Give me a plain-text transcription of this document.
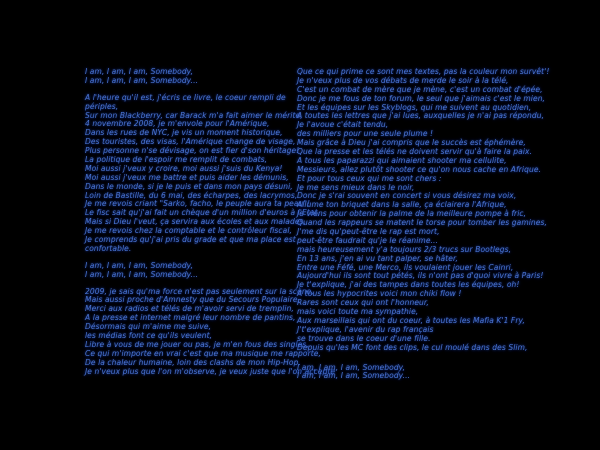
I am, I am, I am, Somebody,
I am, I am, I am, Somebody...
A l'heure qu'il est, j'écris ce livre, le coeur rempli de
périples,
Sur mon Blackberry, car Barack m'a fait aimer le mérite,
4 novembre 2008, je m'envole pour l'Amérique,
Dans les rues de NYC, je vis un moment historique,
Des touristes, des visas, l'Amérique change de visage,
Plus personne n'se dévisage, on est fier d'son héritage!
La politique de l'espoir me remplit de combats,
Moi aussi j'veux y croire, moi aussi j'suis du Kenya!
Moi aussi j'veux me battre et puis aider les démunis,
Dans le monde, si je le puis et dans mon pays désuni,
Loin de Bastille, du 6 mai, des écharpes, des lacrymos,
Je me revois criant "Sarko, facho, le peuple aura ta peau"!
Le fisc sait qu'j'ai fait un chèque d'un million d'euros à l'Etat,
Mais si Dieu l'veut, ça servira aux écoles et aux malades,
Je me revois chez la comptable et le contrôleur fiscal,
Je comprends qu'j'ai pris du grade et que ma place est
confortable.
I am, I am, I am, Somebody,
I am, I am, I am, Somebody...
2009, je sais qu'ma force n'est pas seulement sur la scène,
Mais aussi proche d'Amnesty que du Secours Populaire,
Merci aux radios et télés de m'avoir servi de tremplin,
A la presse et internet malgré leur nombre de pantins,
Désormais qui m'aime me suive,
les médias font ce qu'ils veulent,
Libre à vous de me jouer ou pas, je m'en fous des singles,
Ce qui m'importe en vrai c'est que ma musique me rapporte,
De la chaleur humaine, loin des clashs de mon Hip-Hop.
Je n'veux plus que l'on m'observe, je veux juste que l'on accepte
Que ce qui prime ce sont mes textes, pas la couleur mon survêt'!
Je n'veux plus de vos débats de merde le soir à la télé,
C'est un combat de mère que je mène, c'est un combat d'épée,
Donc je me fous de ton forum, le seul que j'aimais c'est le mien,
Et les équipes sur les Skyblogs, qui me suivent au quotidien,
A toutes les lettres que j'ai lues, auxquelles je n'ai pas répondu,
Je l'avoue c'était tendu,
des milliers pour une seule plume !
Mais grâce à Dieu j'ai compris que le succès est éphémère,
Que la presse et les télés ne doivent servir qu'à faire la paix.
A tous les paparazzi qui aimaient shooter ma cellulite,
Messieurs, allez plutôt shooter ce qu'on nous cache en Afrique.
Et pour tous ceux qui me sont chers :
Je me sens mieux dans le noir,
Donc je s'rai souvent en concert si vous désirez ma voix,
Allume ton briquet dans la salle, ça éclairera l'Afrique,
Je viens pour obtenir la palme de la meilleure pompe à fric,
Quand les rappeurs se matent le torse pour tomber les gamines,
J'me dis qu'peut-être le rap est mort,
peut-être faudrait qu'je le réanime...
mais heureusement y'a toujours 2/3 trucs sur Bootlegs,
En 13 ans, j'en ai vu tant palper, se hâter,
Entre une Féfé, une Merco, ils voulaient jouer les Cainri,
Aujourd'hui ils sont tout pétés, ils n'ont pas d'quoi vivre à Paris!
Je t'explique, j'ai des tampes dans toutes les équipes, oh!
A tous les hypocrites voici mon chiki flow !
Rares sont ceux qui ont l'honneur,
mais voici toute ma sympathie,
Aux marseillais qui ont du coeur, à toutes les Mafia K'1 Fry,
J't'explique, l'avenir du rap français
se trouve dans le coeur d'une fille.
Depuis qu'les MC font des clips, le cul moulé dans des Slim,
I am, I am, I am, Somebody,
I am, I am, I am, Somebody...
